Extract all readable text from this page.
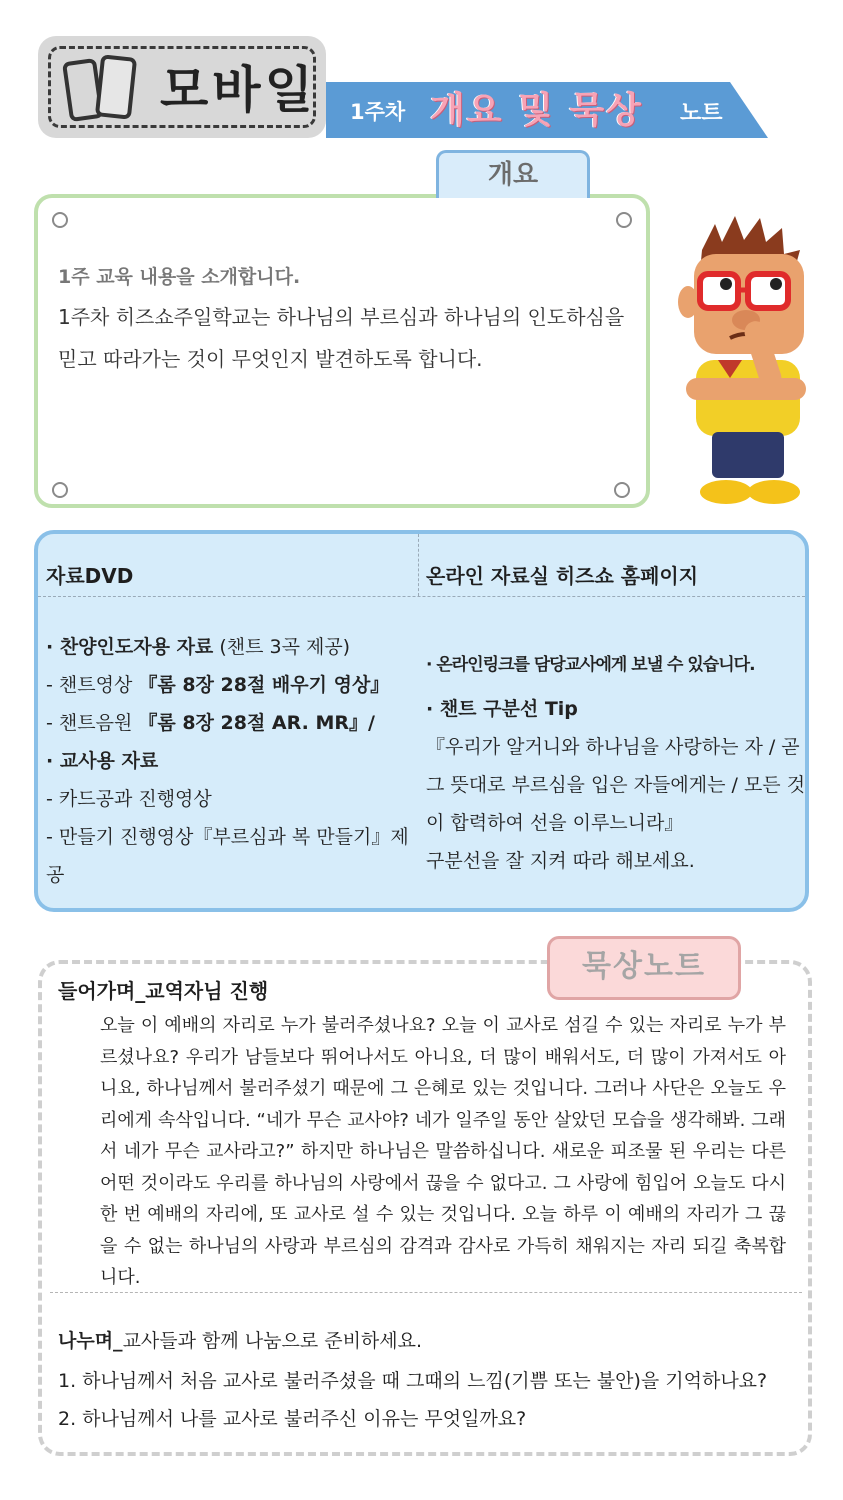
모바일 1주차 개요 및 묵상 노트
개요
1주 교육 내용을 소개합니다.
1주차 히즈쇼주일학교는 하나님의 부르심과 하나님의 인도하심을 믿고 따라가는 것이 무엇인지 발견하도록 합니다.
자료DVD	온라인 자료실 히즈쇼 홈페이지
· 찬양인도자용 자료 (챈트 3곡 제공)
- 챈트영상 『롬 8장 28절 배우기 영상』
- 챈트음원 『롬 8장 28절 AR. MR』/
· 교사용 자료
- 카드공과 진행영상
- 만들기 진행영상『부르심과 복 만들기』제공
· 온라인링크를 담당교사에게 보낼 수 있습니다.
· 챈트 구분선 Tip
『우리가 알거니와 하나님을 사랑하는 자 / 곧 그 뜻대로 부르심을 입은 자들에게는 / 모든 것이 합력하여 선을 이루느니라』
구분선을 잘 지켜 따라 해보세요.
묵상노트
들어가며_교역자님 진행
오늘 이 예배의 자리로 누가 불러주셨나요? 오늘 이 교사로 섬길 수 있는 자리로 누가 부르셨나요? 우리가 남들보다 뛰어나서도 아니요, 더 많이 배워서도, 더 많이 가져서도 아니요, 하나님께서 불러주셨기 때문에 그 은혜로 있는 것입니다. 그러나 사단은 오늘도 우리에게 속삭입니다. “네가 무슨 교사야? 네가 일주일 동안 살았던 모습을 생각해봐. 그래서 네가 무슨 교사라고?” 하지만 하나님은 말씀하십니다. 새로운 피조물 된 우리는 다른 어떤 것이라도 우리를 하나님의 사랑에서 끊을 수 없다고. 그 사랑에 힘입어 오늘도 다시 한 번 예배의 자리에, 또 교사로 설 수 있는 것입니다. 오늘 하루 이 예배의 자리가 그 끊을 수 없는 하나님의 사랑과 부르심의 감격과 감사로 가득히 채워지는 자리 되길 축복합니다.
나누며_교사들과 함께 나눔으로 준비하세요.
1. 하나님께서 처음 교사로 불러주셨을 때 그때의 느낌(기쁨 또는 불안)을 기억하나요?
2. 하나님께서 나를 교사로 불러주신 이유는 무엇일까요?
